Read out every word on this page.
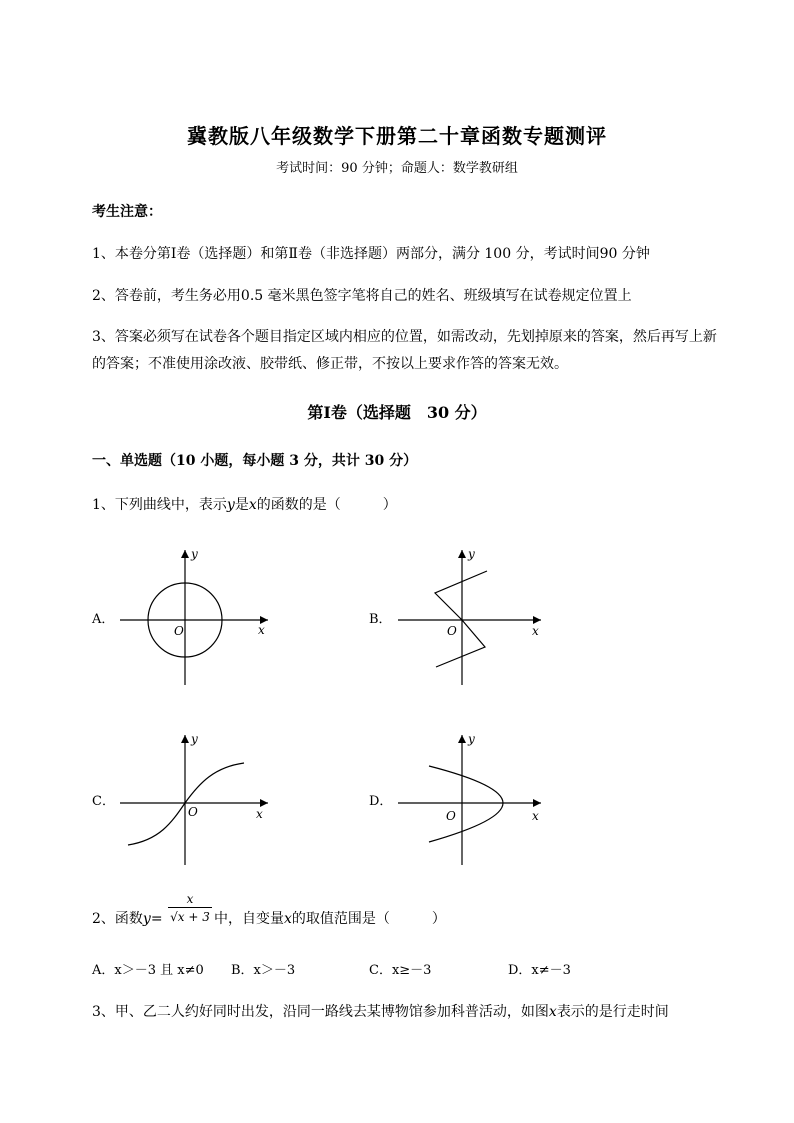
冀教版八年级数学下册第二十章函数专题测评
考试时间：90 分钟；命题人：数学教研组
考生注意：
1、本卷分第Ⅰ卷（选择题）和第Ⅱ卷（非选择题）两部分，满分 100 分，考试时间90 分钟
2、答卷前，考生务必用0.5 毫米黑色签字笔将自己的姓名、班级填写在试卷规定位置上
3、答案必须写在试卷各个题目指定区域内相应的位置，如需改动，先划掉原来的答案，然后再写上新
的答案；不准使用涂改液、胶带纸、修正带，不按以上要求作答的答案无效。
第Ⅰ卷（选择题　30 分）
一、单选题（10 小题，每小题 3 分，共计 30 分）
1、下列曲线中，表示y是x的函数的是（　　　）
A．	B．
C．	D．
x
y
O	x
y
O
x
y
O	x
y
O
2、函数y=
x
√x + 3 中，自变量x的取值范围是（　　　）
A．x＞－3 且 x≠0 B．x＞－3	C．x≥－3	D．x≠－3
3、甲、乙二人约好同时出发，沿同一路线去某博物馆参加科普活动，如图x表示的是行走时间
